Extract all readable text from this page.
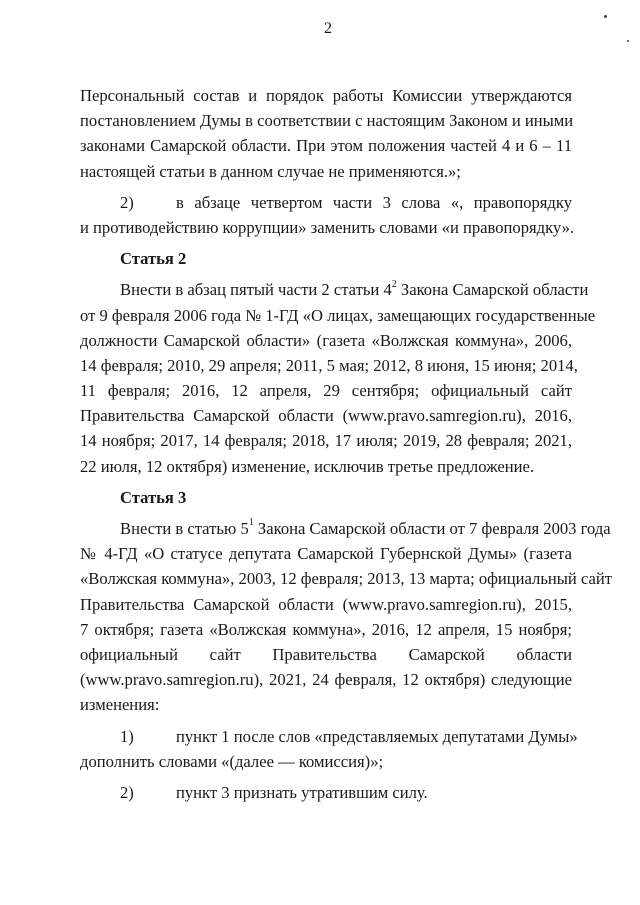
2
Персональный состав и порядок работы Комиссии утверждаются
постановлением Думы в соответствии с настоящим Законом и иными
законами Самарской области. При этом положения частей 4 и 6 – 11
настоящей статьи в данном случае не применяются.»;
2)	в абзаце четвертом части 3 слова «, правопорядку
и противодействию коррупции» заменить словами «и правопорядку».
Статья 2
Внести в абзац пятый части 2 статьи $4^2$ Закона Самарской области
от 9 февраля 2006 года № 1-ГД «О лицах, замещающих государственные
должности Самарской области» (газета «Волжская коммуна», 2006,
14 февраля; 2010, 29 апреля; 2011, 5 мая; 2012, 8 июня, 15 июня; 2014,
11 февраля; 2016, 12 апреля, 29 сентября; официальный сайт
Правительства Самарской области (www.pravo.samregion.ru), 2016,
14 ноября; 2017, 14 февраля; 2018, 17 июля; 2019, 28 февраля; 2021,
22 июля, 12 октября) изменение, исключив третье предложение.
Статья 3
Внести в статью $5^1$ Закона Самарской области от 7 февраля 2003 года
№ 4-ГД «О статусе депутата Самарской Губернской Думы» (газета
«Волжская коммуна», 2003, 12 февраля; 2013, 13 марта; официальный сайт
Правительства Самарской области (www.pravo.samregion.ru), 2015,
7 октября; газета «Волжская коммуна», 2016, 12 апреля, 15 ноября;
официальный сайт Правительства Самарской области
(www.pravo.samregion.ru), 2021, 24 февраля, 12 октября) следующие
изменения:
1)	пункт 1 после слов «представляемых депутатами Думы»
дополнить словами «(далее — комиссия)»;
2)	пункт 3 признать утратившим силу.
